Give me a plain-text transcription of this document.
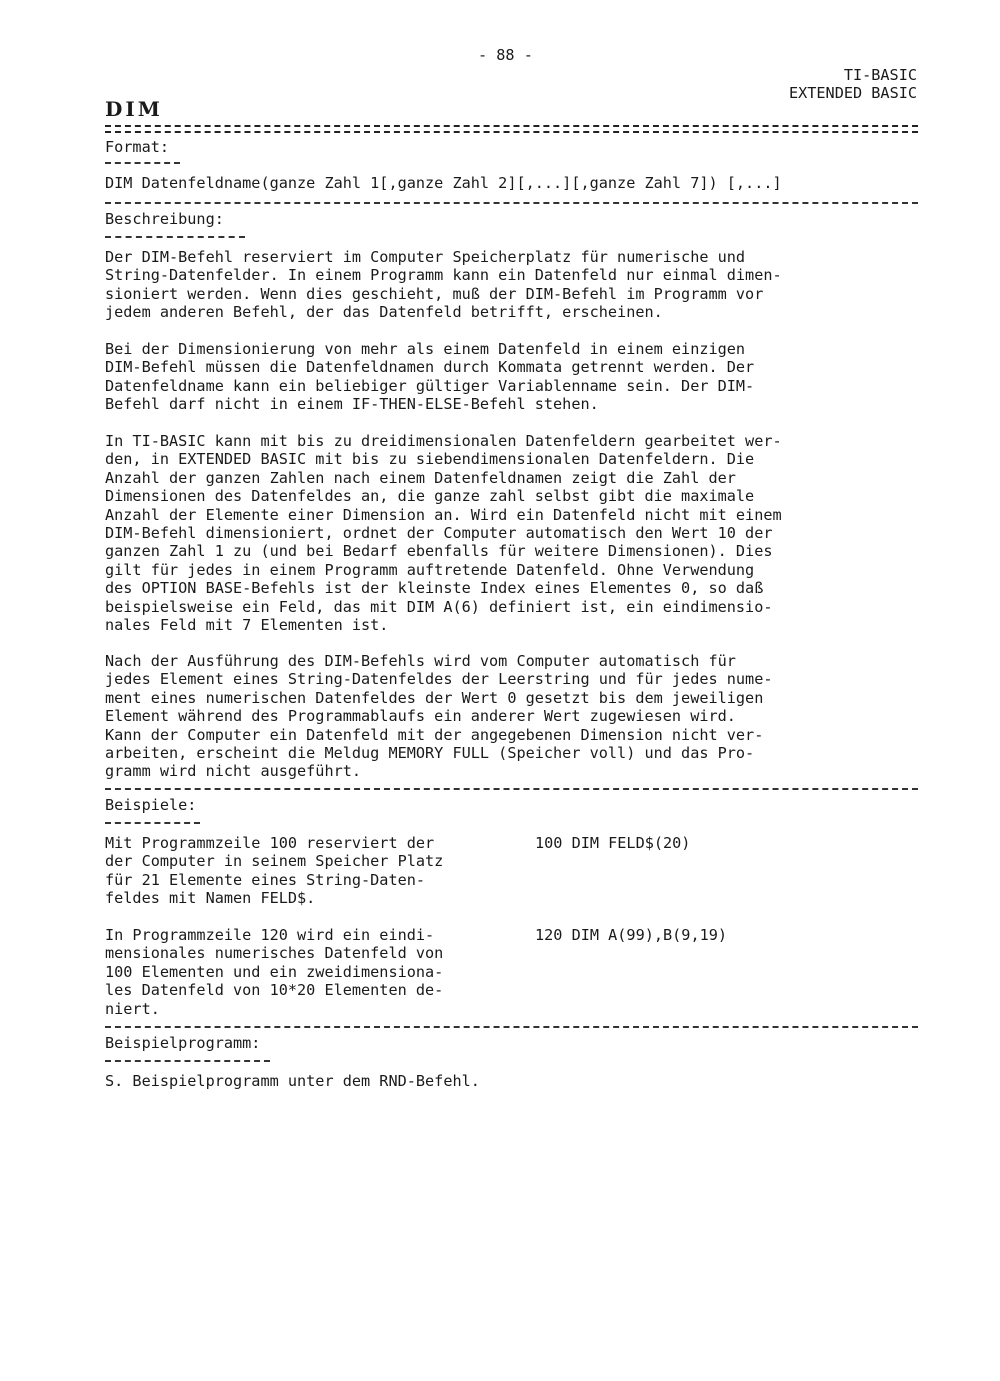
- 88 -
TI-BASIC
EXTENDED BASIC
DIM
Format:
DIM Datenfeldname(ganze Zahl 1[,ganze Zahl 2][,...][,ganze Zahl 7]) [,...]
Beschreibung:
Der DIM-Befehl reserviert im Computer Speicherplatz für numerische und
String-Datenfelder. In einem Programm kann ein Datenfeld nur einmal dimen-
sioniert werden. Wenn dies geschieht, muß der DIM-Befehl im Programm vor
jedem anderen Befehl, der das Datenfeld betrifft, erscheinen.
Bei der Dimensionierung von mehr als einem Datenfeld in einem einzigen
DIM-Befehl müssen die Datenfeldnamen durch Kommata getrennt werden. Der
Datenfeldname kann ein beliebiger gültiger Variablenname sein. Der DIM-
Befehl darf nicht in einem IF-THEN-ELSE-Befehl stehen.
In TI-BASIC kann mit bis zu dreidimensionalen Datenfeldern gearbeitet wer-
den, in EXTENDED BASIC mit bis zu siebendimensionalen Datenfeldern. Die
Anzahl der ganzen Zahlen nach einem Datenfeldnamen zeigt die Zahl der
Dimensionen des Datenfeldes an, die ganze zahl selbst gibt die maximale
Anzahl der Elemente einer Dimension an. Wird ein Datenfeld nicht mit einem
DIM-Befehl dimensioniert, ordnet der Computer automatisch den Wert 10 der
ganzen Zahl 1 zu (und bei Bedarf ebenfalls für weitere Dimensionen). Dies
gilt für jedes in einem Programm auftretende Datenfeld. Ohne Verwendung
des OPTION BASE-Befehls ist der kleinste Index eines Elementes 0, so daß
beispielsweise ein Feld, das mit DIM A(6) definiert ist, ein eindimensio-
nales Feld mit 7 Elementen ist.
Nach der Ausführung des DIM-Befehls wird vom Computer automatisch für
jedes Element eines String-Datenfeldes der Leerstring und für jedes nume-
ment eines numerischen Datenfeldes der Wert 0 gesetzt bis dem jeweiligen
Element während des Programmablaufs ein anderer Wert zugewiesen wird.
Kann der Computer ein Datenfeld mit der angegebenen Dimension nicht ver-
arbeiten, erscheint die Meldug MEMORY FULL (Speicher voll) und das Pro-
gramm wird nicht ausgeführt.
Beispiele:
Mit Programmzeile 100 reserviert der
der Computer in seinem Speicher Platz
für 21 Elemente eines String-Daten-
feldes mit Namen FELD$.
100 DIM FELD$(20)
In Programmzeile 120 wird ein eindi-
mensionales numerisches Datenfeld von
100 Elementen und ein zweidimensiona-
les Datenfeld von 10*20 Elementen de-
niert.
120 DIM A(99),B(9,19)
Beispielprogramm:
S. Beispielprogramm unter dem RND-Befehl.
